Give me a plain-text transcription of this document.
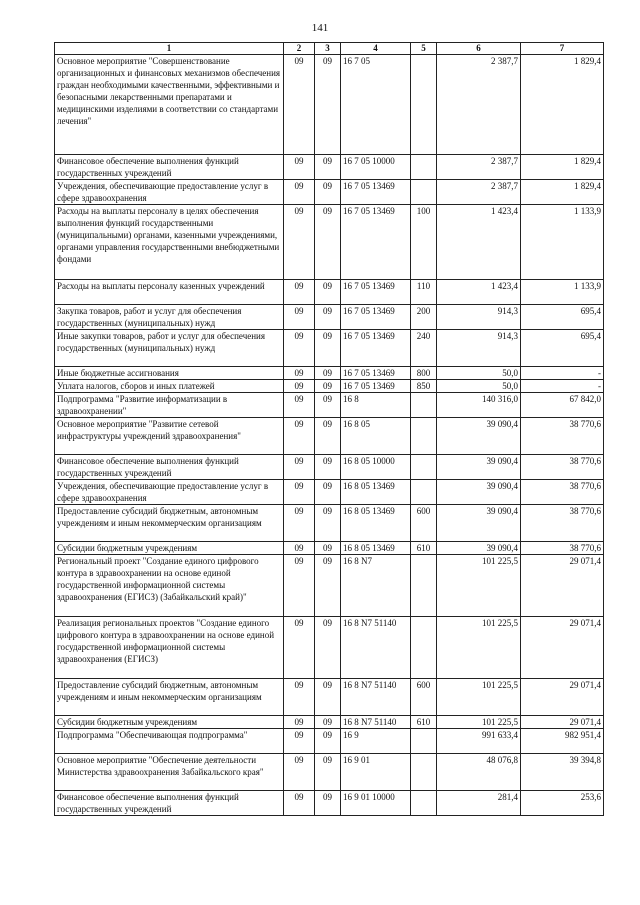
141
1	2	3	4	5	6	7
Основное мероприятие "Совершенствование организационных и финансовых механизмов обеспечения граждан необходимыми качественными, эффективными и безопасными лекарственными препаратами и медицинскими изделиями в соответствии со стандартами лечения"	09	09	16 7 05		2 387,7	1 829,4
Финансовое обеспечение выполнения функций государственных учреждений	09	09	16 7 05 10000		2 387,7	1 829,4
Учреждения, обеспечивающие предоставление услуг в сфере здравоохранения	09	09	16 7 05 13469		2 387,7	1 829,4
Расходы на выплаты персоналу в целях обеспечения выполнения функций государственными (муниципальными) органами, казенными учреждениями, органами управления государственными внебюджетными фондами	09	09	16 7 05 13469	100	1 423,4	1 133,9
Расходы на выплаты персоналу казенных учреждений	09	09	16 7 05 13469	110	1 423,4	1 133,9
Закупка товаров, работ и услуг для обеспечения государственных (муниципальных) нужд	09	09	16 7 05 13469	200	914,3	695,4
Иные закупки товаров, работ и услуг для обеспечения государственных (муниципальных) нужд	09	09	16 7 05 13469	240	914,3	695,4
Иные бюджетные ассигнования	09	09	16 7 05 13469	800	50,0	-
Уплата налогов, сборов и иных платежей	09	09	16 7 05 13469	850	50,0	-
Подпрограмма "Развитие информатизации в здравоохранении"	09	09	16 8		140 316,0	67 842,0
Основное мероприятие "Развитие сетевой инфраструктуры учреждений здравоохранения"	09	09	16 8 05		39 090,4	38 770,6
Финансовое обеспечение выполнения функций государственных учреждений	09	09	16 8 05 10000		39 090,4	38 770,6
Учреждения, обеспечивающие предоставление услуг в сфере здравоохранения	09	09	16 8 05 13469		39 090,4	38 770,6
Предоставление субсидий бюджетным, автономным учреждениям и иным некоммерческим организациям	09	09	16 8 05 13469	600	39 090,4	38 770,6
Субсидии бюджетным учреждениям	09	09	16 8 05 13469	610	39 090,4	38 770,6
Региональный проект "Создание единого цифрового контура в здравоохранении на основе единой государственной информационной системы здравоохранения (ЕГИСЗ) (Забайкальский край)"	09	09	16 8 N7		101 225,5	29 071,4
Реализация региональных проектов "Создание единого цифрового контура в здравоохранении на основе единой государственной информационной системы здравоохранения (ЕГИСЗ)	09	09	16 8 N7 51140		101 225,5	29 071,4
Предоставление субсидий бюджетным, автономным учреждениям и иным некоммерческим организациям	09	09	16 8 N7 51140	600	101 225,5	29 071,4
Субсидии бюджетным учреждениям	09	09	16 8 N7 51140	610	101 225,5	29 071,4
Подпрограмма "Обеспечивающая подпрограмма"	09	09	16 9		991 633,4	982 951,4
Основное мероприятие "Обеспечение деятельности Министерства здравоохранения Забайкальского края"	09	09	16 9 01		48 076,8	39 394,8
Финансовое обеспечение выполнения функций государственных учреждений	09	09	16 9 01 10000		281,4	253,6
